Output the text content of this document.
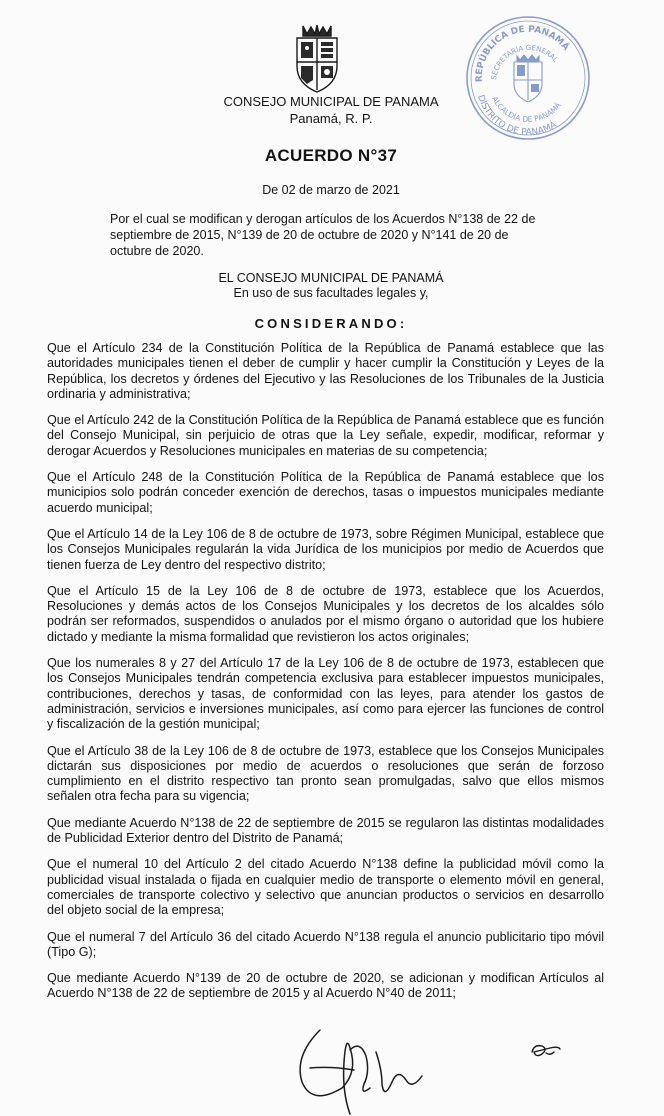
CONSEJO MUNICIPAL DE PANAMA
Panamá, R. P.
REPÚBLICA DE PANAMÁ
SECRETARÍA GENERAL
ALCALDÍA DE PANAMÁ
DISTRITO DE PANAMÁ
ACUERDO N°37
De 02 de marzo de 2021
Por el cual se modifican y derogan artículos de los Acuerdos N°138 de 22 de septiembre de 2015, N°139 de 20 de octubre de 2020 y N°141 de 20 de octubre de 2020.
EL CONSEJO MUNICIPAL DE PANAMÁ
En uso de sus facultades legales y,
CONSIDERANDO:

Que el Artículo 234 de la Constitución Política de la República de Panamá establece que las autoridades municipales tienen el deber de cumplir y hacer cumplir la Constitución y Leyes de la República, los decretos y órdenes del Ejecutivo y las Resoluciones de los Tribunales de la Justicia ordinaria y administrativa;

Que el Artículo 242 de la Constitución Política de la República de Panamá establece que es función del Consejo Municipal, sin perjuicio de otras que la Ley señale, expedir, modificar, reformar y derogar Acuerdos y Resoluciones municipales en materias de su competencia;

Que el Artículo 248 de la Constitución Política de la República de Panamá establece que los municipios solo podrán conceder exención de derechos, tasas o impuestos municipales mediante acuerdo municipal;

Que el Artículo 14 de la Ley 106 de 8 de octubre de 1973, sobre Régimen Municipal, establece que los Consejos Municipales regularán la vida Jurídica de los municipios por medio de Acuerdos que tienen fuerza de Ley dentro del respectivo distrito;

Que el Artículo 15 de la Ley 106 de 8 de octubre de 1973, establece que los Acuerdos, Resoluciones y demás actos de los Consejos Municipales y los decretos de los alcaldes sólo podrán ser reformados, suspendidos o anulados por el mismo órgano o autoridad que los hubiere dictado y mediante la misma formalidad que revistieron los actos originales;

Que los numerales 8 y 27 del Artículo 17 de la Ley 106 de 8 de octubre de 1973, establecen que los Consejos Municipales tendrán competencia exclusiva para establecer impuestos municipales, contribuciones, derechos y tasas, de conformidad con las leyes, para atender los gastos de administración, servicios e inversiones municipales, así como para ejercer las funciones de control y fiscalización de la gestión municipal;

Que el Artículo 38 de la Ley 106 de 8 de octubre de 1973, establece que los Consejos Municipales dictarán sus disposiciones por medio de acuerdos o resoluciones que serán de forzoso cumplimiento en el distrito respectivo tan pronto sean promulgadas, salvo que ellos mismos señalen otra fecha para su vigencia;

Que mediante Acuerdo N°138 de 22 de septiembre de 2015 se regularon las distintas modalidades de Publicidad Exterior dentro del Distrito de Panamá;

Que el numeral 10 del Artículo 2 del citado Acuerdo N°138 define la publicidad móvil como la publicidad visual instalada o fijada en cualquier medio de transporte o elemento móvil en general, comerciales de transporte colectivo y selectivo que anuncian productos o servicios en desarrollo del objeto social de la empresa;

Que el numeral 7 del Artículo 36 del citado Acuerdo N°138 regula el anuncio publicitario tipo móvil (Tipo G);

Que mediante Acuerdo N°139 de 20 de octubre de 2020, se adicionan y modifican Artículos al Acuerdo N°138 de 22 de septiembre de 2015 y al Acuerdo N°40 de 2011;
